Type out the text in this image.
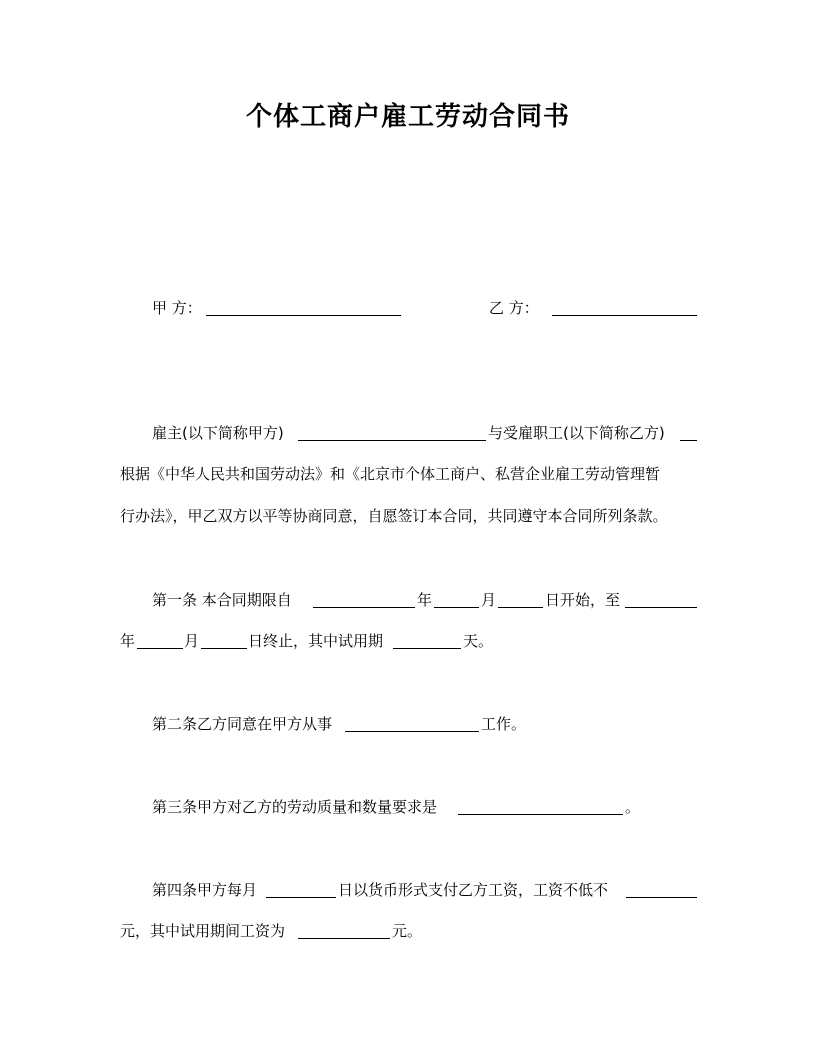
个体工商户雇工劳动合同书
甲 方：	乙 方：
雇主(以下简称甲方)	与受雇职工(以下简称乙方)
根据《中华人民共和国劳动法》和《北京市个体工商户、私营企业雇工劳动管理暂
行办法》，甲乙双方以平等协商同意，自愿签订本合同，共同遵守本合同所列条款。
第一条 本合同期限自	年	月	日开始，至
年	月	日终止，其中试用期	天。
第二条乙方同意在甲方从事	工作。
第三条甲方对乙方的劳动质量和数量要求是	。
第四条甲方每月	日以货币形式支付乙方工资，工资不低不
元，其中试用期间工资为	元。
